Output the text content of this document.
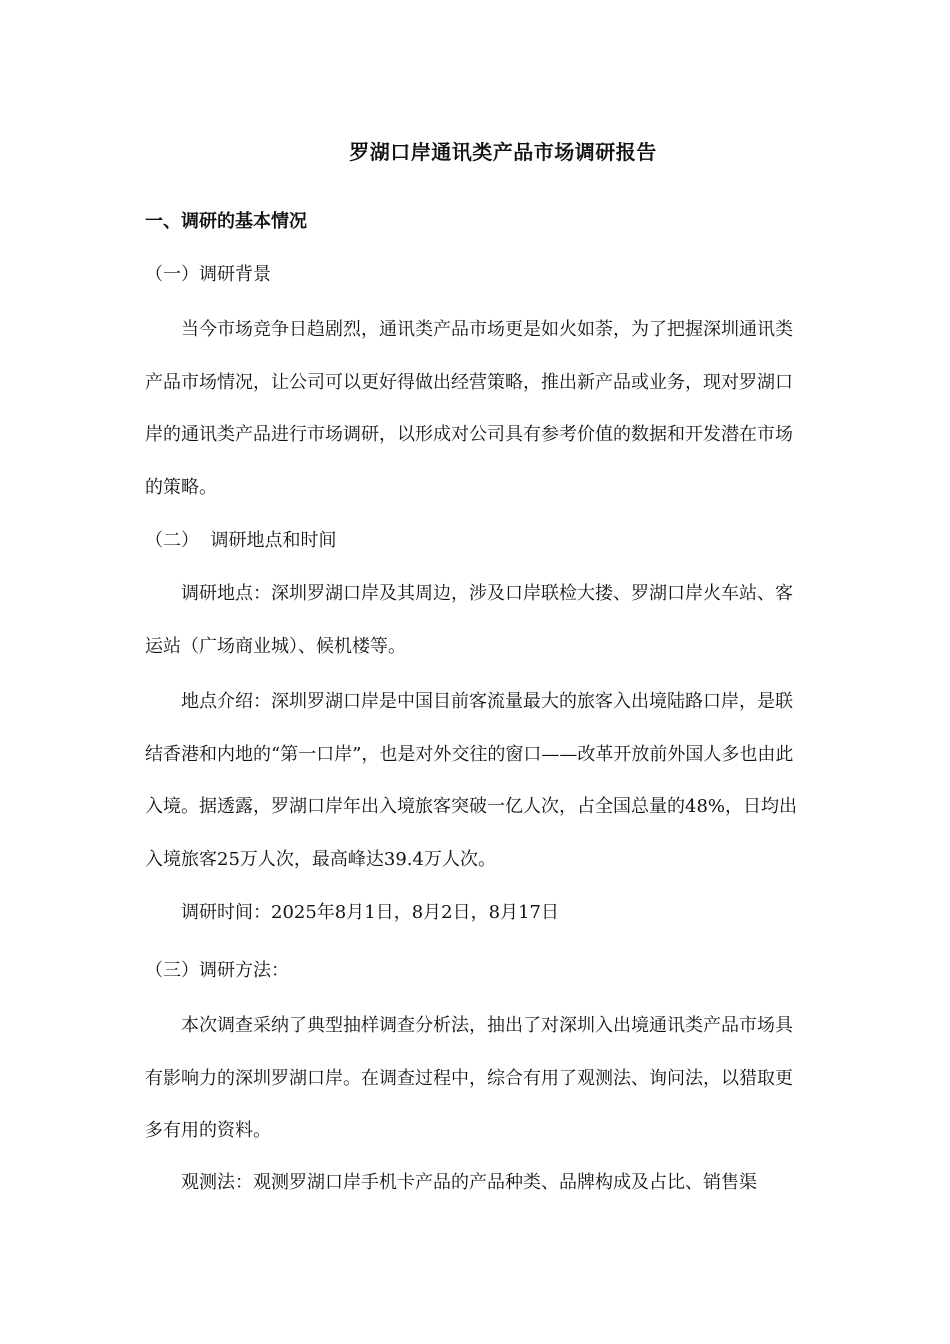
罗湖口岸通讯类产品市场调研报告
一、调研的基本情况
（一）调研背景

当今市场竞争日趋剧烈，通讯类产品市场更是如火如荼，为了把握深圳通讯类产品市场情况，让公司可以更好得做出经营策略，推出新产品或业务，现对罗湖口岸的通讯类产品进行市场调研，以形成对公司具有参考价值的数据和开发潜在市场的策略。

（二）  调研地点和时间

调研地点：深圳罗湖口岸及其周边，涉及口岸联检大搂、罗湖口岸火车站、客运站（广场商业城）、候机楼等。

地点介绍：深圳罗湖口岸是中国目前客流量最大的旅客入出境陆路口岸，是联结香港和内地的“第一口岸”，也是对外交往的窗口——改革开放前外国人多也由此入境。据透露，罗湖口岸年出入境旅客突破一亿人次，占全国总量的48%，日均出入境旅客25万人次，最高峰达39.4万人次。

调研时间：2025年8月1日，8月2日，8月17日

（三）调研方法：

本次调查采纳了典型抽样调查分析法，抽出了对深圳入出境通讯类产品市场具有影响力的深圳罗湖口岸。在调查过程中，综合有用了观测法、询问法，以猎取更多有用的资料。

观测法：观测罗湖口岸手机卡产品的产品种类、品牌构成及占比、销售渠
